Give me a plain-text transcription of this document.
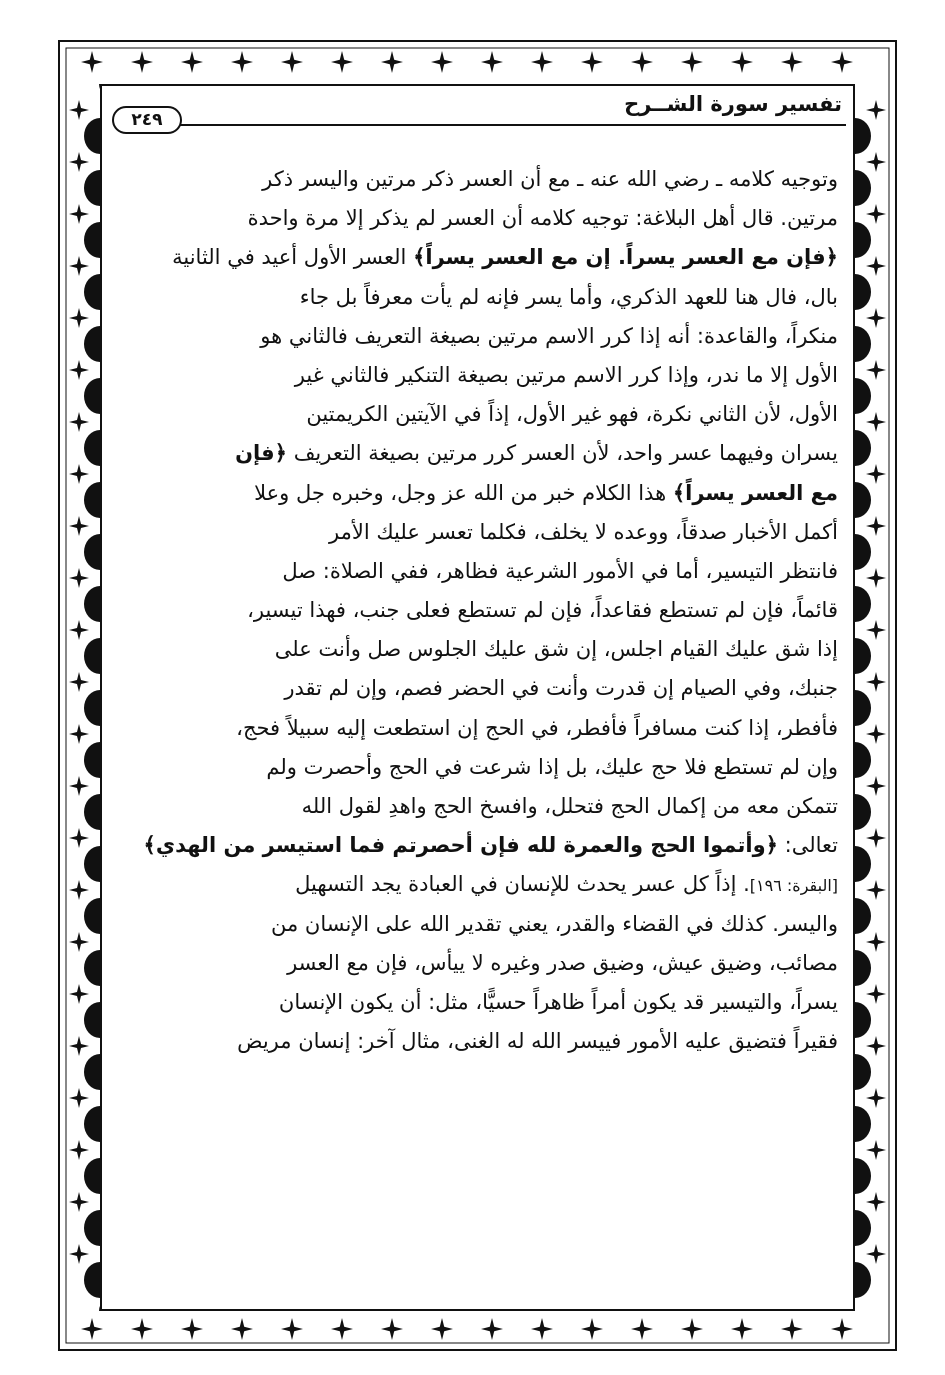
تفسير سورة الشــرح
٢٤٩
وتوجيه كلامه ـ رضي الله عنه ـ مع أن العسر ذكر مرتين واليسر ذكر
مرتين. قال أهل البلاغة: توجيه كلامه أن العسر لم يذكر إلا مرة واحدة
﴿فإن مع العسر يسراً. إن مع العسر يسراً﴾ العسر الأول أعيد في الثانية
بال، فال هنا للعهد الذكري، وأما يسر فإنه لم يأت معرفاً بل جاء
منكراً، والقاعدة: أنه إذا كرر الاسم مرتين بصيغة التعريف فالثاني هو
الأول إلا ما ندر، وإذا كرر الاسم مرتين بصيغة التنكير فالثاني غير
الأول، لأن الثاني نكرة، فهو غير الأول، إذاً في الآيتين الكريمتين
يسران وفيهما عسر واحد، لأن العسر كرر مرتين بصيغة التعريف ﴿فإن
مع العسر يسراً﴾ هذا الكلام خبر من الله عز وجل، وخبره جل وعلا
أكمل الأخبار صدقاً، ووعده لا يخلف، فكلما تعسر عليك الأمر
فانتظر التيسير، أما في الأمور الشرعية فظاهر، ففي الصلاة: صل
قائماً، فإن لم تستطع فقاعداً، فإن لم تستطع فعلى جنب، فهذا تيسير،
إذا شق عليك القيام اجلس، إن شق عليك الجلوس صل وأنت على
جنبك، وفي الصيام إن قدرت وأنت في الحضر فصم، وإن لم تقدر
فأفطر، إذا كنت مسافراً فأفطر، في الحج إن استطعت إليه سبيلاً فحج،
وإن لم تستطع فلا حج عليك، بل إذا شرعت في الحج وأحصرت ولم
تتمكن معه من إكمال الحج فتحلل، وافسخ الحج واهدِ لقول الله
تعالى: ﴿وأتموا الحج والعمرة لله فإن أحصرتم فما استيسر من الهدي﴾
[البقرة: ١٩٦]. إذاً كل عسر يحدث للإنسان في العبادة يجد التسهيل
واليسر. كذلك في القضاء والقدر، يعني تقدير الله على الإنسان من
مصائب، وضيق عيش، وضيق صدر وغيره لا ييأس، فإن مع العسر
يسراً، والتيسير قد يكون أمراً ظاهراً حسيًّا، مثل: أن يكون الإنسان
فقيراً فتضيق عليه الأمور فييسر الله له الغنى، مثال آخر: إنسان مريض
